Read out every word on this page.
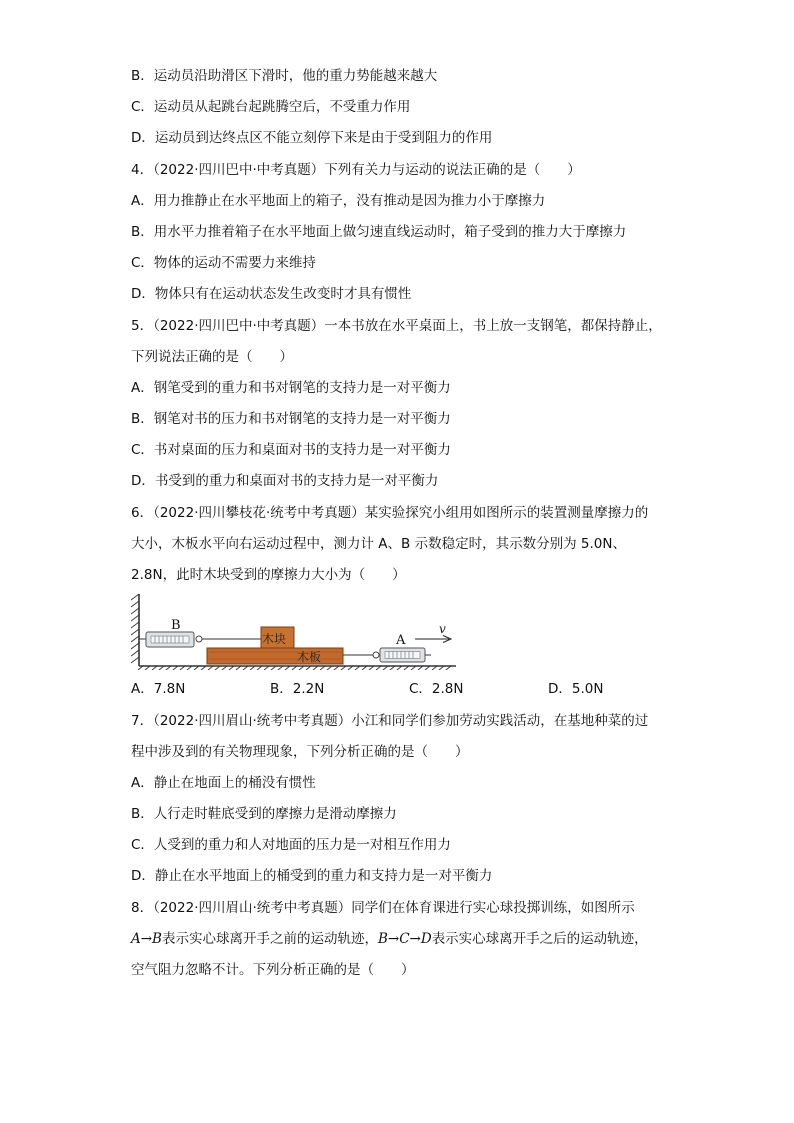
B．运动员沿助滑区下滑时，他的重力势能越来越大
C．运动员从起跳台起跳腾空后，不受重力作用
D．运动员到达终点区不能立刻停下来是由于受到阻力的作用
4．（2022·四川巴中·中考真题）下列有关力与运动的说法正确的是（　　）
A．用力推静止在水平地面上的箱子，没有推动是因为推力小于摩擦力
B．用水平力推着箱子在水平地面上做匀速直线运动时，箱子受到的推力大于摩擦力
C．物体的运动不需要力来维持
D．物体只有在运动状态发生改变时才具有惯性
5．（2022·四川巴中·中考真题）一本书放在水平桌面上，书上放一支钢笔，都保持静止，
下列说法正确的是（　　）
A．钢笔受到的重力和书对钢笔的支持力是一对平衡力
B．钢笔对书的压力和书对钢笔的支持力是一对平衡力
C．书对桌面的压力和桌面对书的支持力是一对平衡力
D．书受到的重力和桌面对书的支持力是一对平衡力
6．（2022·四川攀枝花·统考中考真题）某实验探究小组用如图所示的装置测量摩擦力的
大小，木板水平向右运动过程中，测力计 A、B 示数稳定时，其示数分别为 5.0N、
2.8N，此时木块受到的摩擦力大小为（　　）
B
木板
木块	A
v
A．7.8N	B．2.2N	C．2.8N	D．5.0N
7．（2022·四川眉山·统考中考真题）小江和同学们参加劳动实践活动，在基地种菜的过
程中涉及到的有关物理现象，下列分析正确的是（　　）
A．静止在地面上的桶没有惯性
B．人行走时鞋底受到的摩擦力是滑动摩擦力
C．人受到的重力和人对地面的压力是一对相互作用力
D．静止在水平地面上的桶受到的重力和支持力是一对平衡力
8．（2022·四川眉山·统考中考真题）同学们在体育课进行实心球投掷训练，如图所示
A→B表示实心球离开手之前的运动轨迹，B→C→D表示实心球离开手之后的运动轨迹，
空气阻力忽略不计。下列分析正确的是（　　）
